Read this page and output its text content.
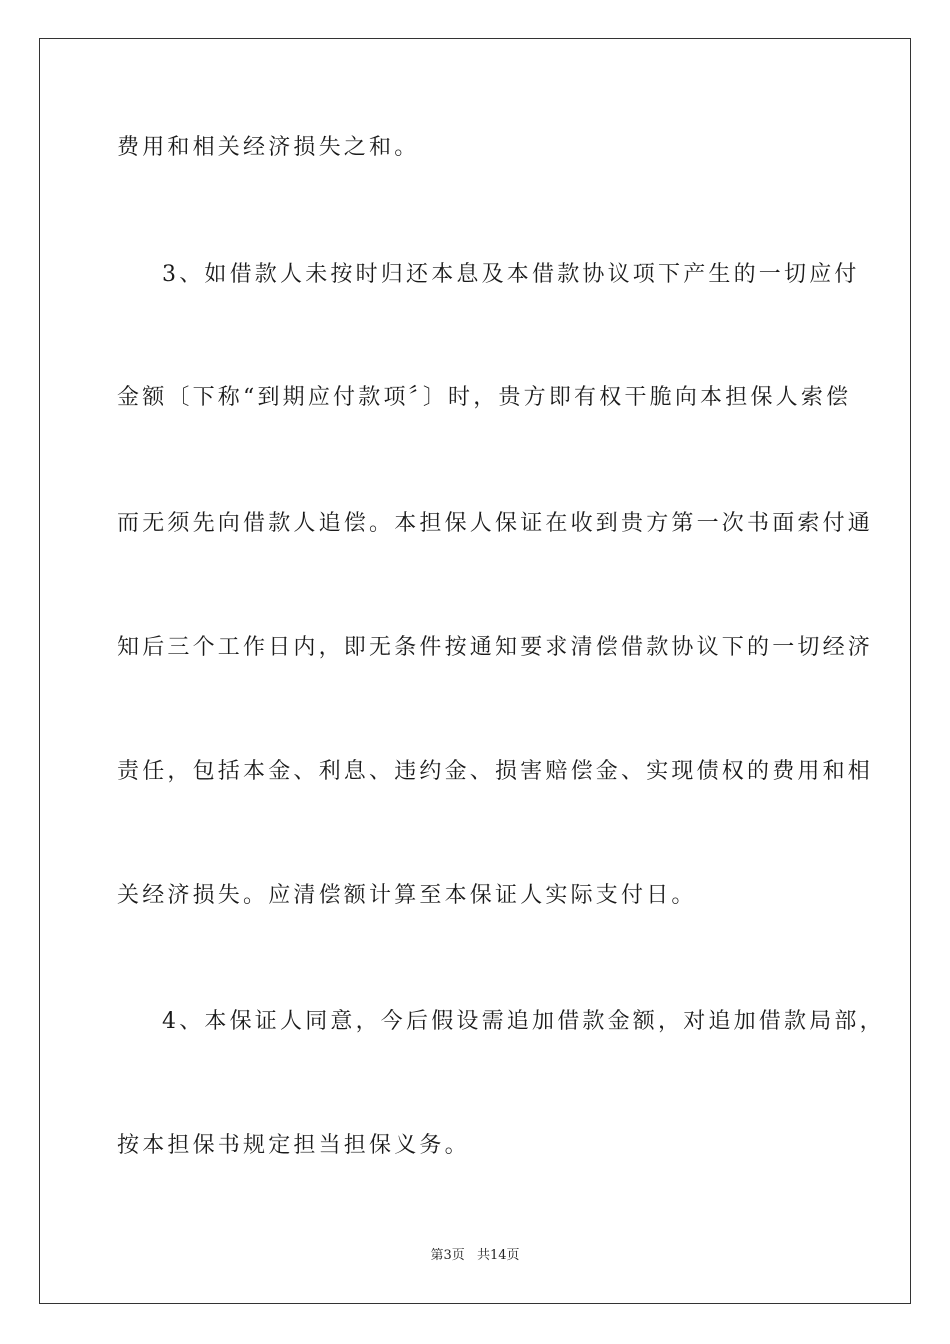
费用和相关经济损失之和。
3、如借款人未按时归还本息及本借款协议项下产生的一切应付
金额〔下称“到期应付款项〞〕时，贵方即有权干脆向本担保人索偿
而无须先向借款人追偿。本担保人保证在收到贵方第一次书面索付通
知后三个工作日内，即无条件按通知要求清偿借款协议下的一切经济
责任，包括本金、利息、违约金、损害赔偿金、实现债权的费用和相
关经济损失。应清偿额计算至本保证人实际支付日。
4、本保证人同意，今后假设需追加借款金额，对追加借款局部，
按本担保书规定担当担保义务。
第3页 共14页
